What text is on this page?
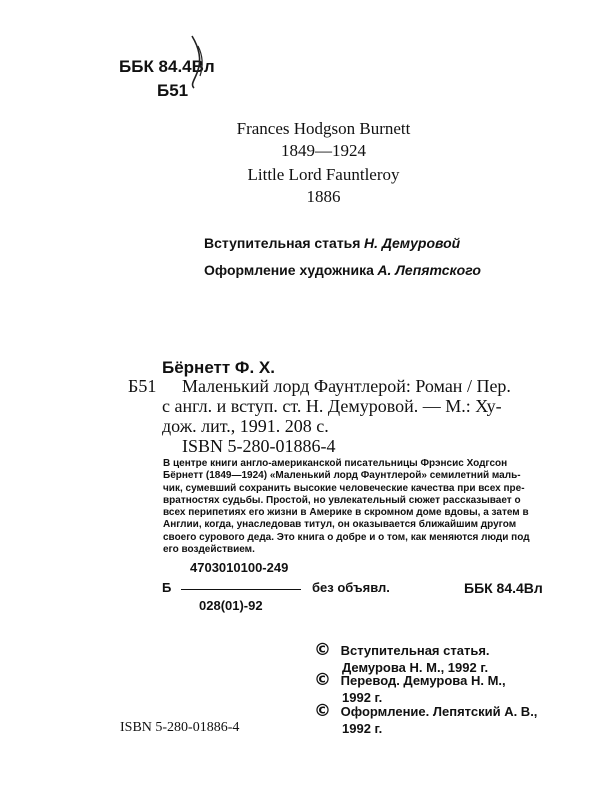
ББК 84.4Вл
Б51
Frances Hodgson Burnett
1849—1924
Little Lord Fauntleroy
1886
Вступительная статья Н. Демуровой
Оформление художника А. Лепятского
Бёрнетт Ф. Х.
Б51 Маленький лорд Фаунтлерой: Роман / Пер.
с англ. и вступ. ст. Н. Демуровой. — М.: Ху-
дож. лит., 1991. 208 с.
ISBN 5-280-01886-4
В центре книги англо-американской писательницы Фрэнсис Ходгсон
Бёрнетт (1849—1924) «Маленький лорд Фаунтлерой» семилетний маль-
чик, сумевший сохранить высокие человеческие качества при всех пре-
вратностях судьбы. Простой, но увлекательный сюжет рассказывает о
всех перипетиях его жизни в Америке в скромном доме вдовы, а затем в
Англии, когда, унаследовав титул, он оказывается ближайшим другом
своего сурового деда. Это книга о добре и о том, как меняются люди под
его воздействием.
4703010100-249
Б	без объявл.
028(01)-92
ББК 84.4Вл
© Вступительная статья.
Демурова Н. М., 1992 г.
© Перевод. Демурова Н. М.,
1992 г.
© Оформление. Лепятский А. В.,
1992 г.
ISBN 5-280-01886-4
